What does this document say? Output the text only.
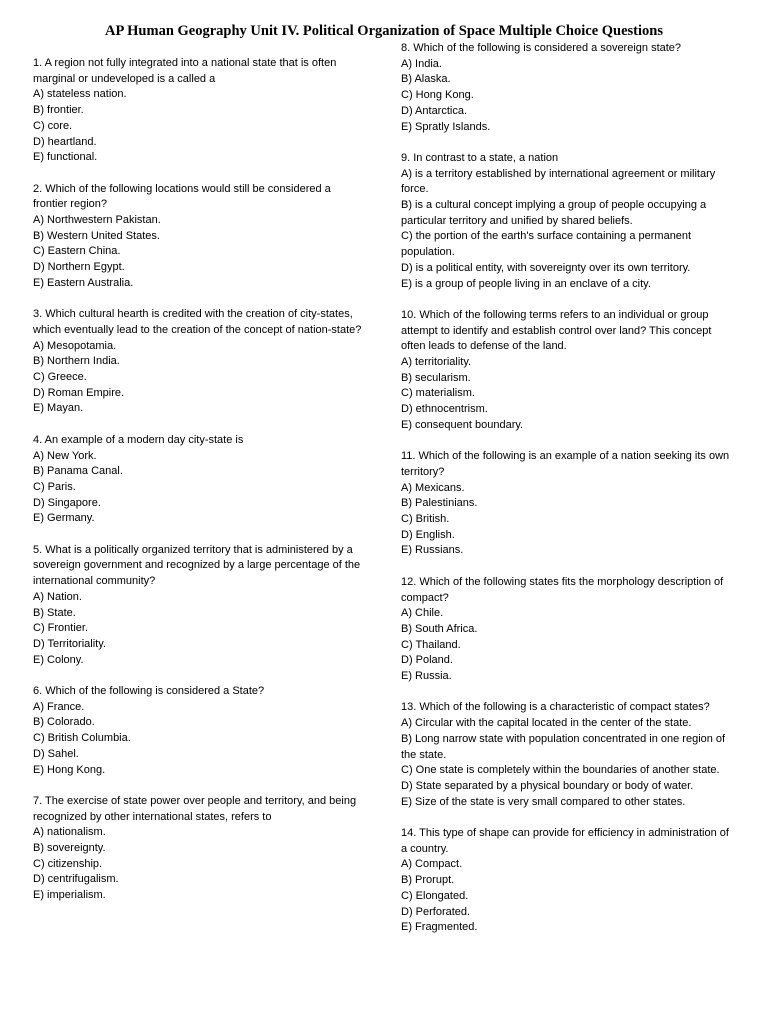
AP Human Geography Unit IV. Political Organization of Space Multiple Choice Questions
1. A region not fully integrated into a national state that is often marginal or undeveloped is a called a
A) stateless nation.
B) frontier.
C) core.
D) heartland.
E) functional.
2. Which of the following locations would still be considered a frontier region?
A) Northwestern Pakistan.
B) Western United States.
C) Eastern China.
D) Northern Egypt.
E) Eastern Australia.
3. Which cultural hearth is credited with the creation of city-states, which eventually lead to the creation of the concept of nation-state?
A) Mesopotamia.
B) Northern India.
C) Greece.
D) Roman Empire.
E) Mayan.
4. An example of a modern day city-state is
A) New York.
B) Panama Canal.
C) Paris.
D) Singapore.
E) Germany.
5. What is a politically organized territory that is administered by a sovereign government and recognized by a large percentage of the international community?
A) Nation.
B) State.
C) Frontier.
D) Territoriality.
E) Colony.
6. Which of the following is considered a State?
A) France.
B) Colorado.
C) British Columbia.
D) Sahel.
E) Hong Kong.
7. The exercise of state power over people and territory, and being recognized by other international states, refers to
A) nationalism.
B) sovereignty.
C) citizenship.
D) centrifugalism.
E) imperialism.
8. Which of the following is considered a sovereign state?
A) India.
B) Alaska.
C) Hong Kong.
D) Antarctica.
E) Spratly Islands.
9. In contrast to a state, a nation
A) is a territory established by international agreement or military force.
B) is a cultural concept implying a group of people occupying a particular territory and unified by shared beliefs.
C) the portion of the earth's surface containing a permanent population.
D) is a political entity, with sovereignty over its own territory.
E) is a group of people living in an enclave of a city.
10. Which of the following terms refers to an individual or group attempt to identify and establish control over land? This concept often leads to defense of the land.
A) territoriality.
B) secularism.
C) materialism.
D) ethnocentrism.
E) consequent boundary.
11. Which of the following is an example of a nation seeking its own territory?
A) Mexicans.
B) Palestinians.
C) British.
D) English.
E) Russians.
12. Which of the following states fits the morphology description of compact?
A) Chile.
B) South Africa.
C) Thailand.
D) Poland.
E) Russia.
13. Which of the following is a characteristic of compact states?
A) Circular with the capital located in the center of the state.
B) Long narrow state with population concentrated in one region of the state.
C) One state is completely within the boundaries of another state.
D) State separated by a physical boundary or body of water.
E) Size of the state is very small compared to other states.
14. This type of shape can provide for efficiency in administration of a country.
A) Compact.
B) Prorupt.
C) Elongated.
D) Perforated.
E) Fragmented.
